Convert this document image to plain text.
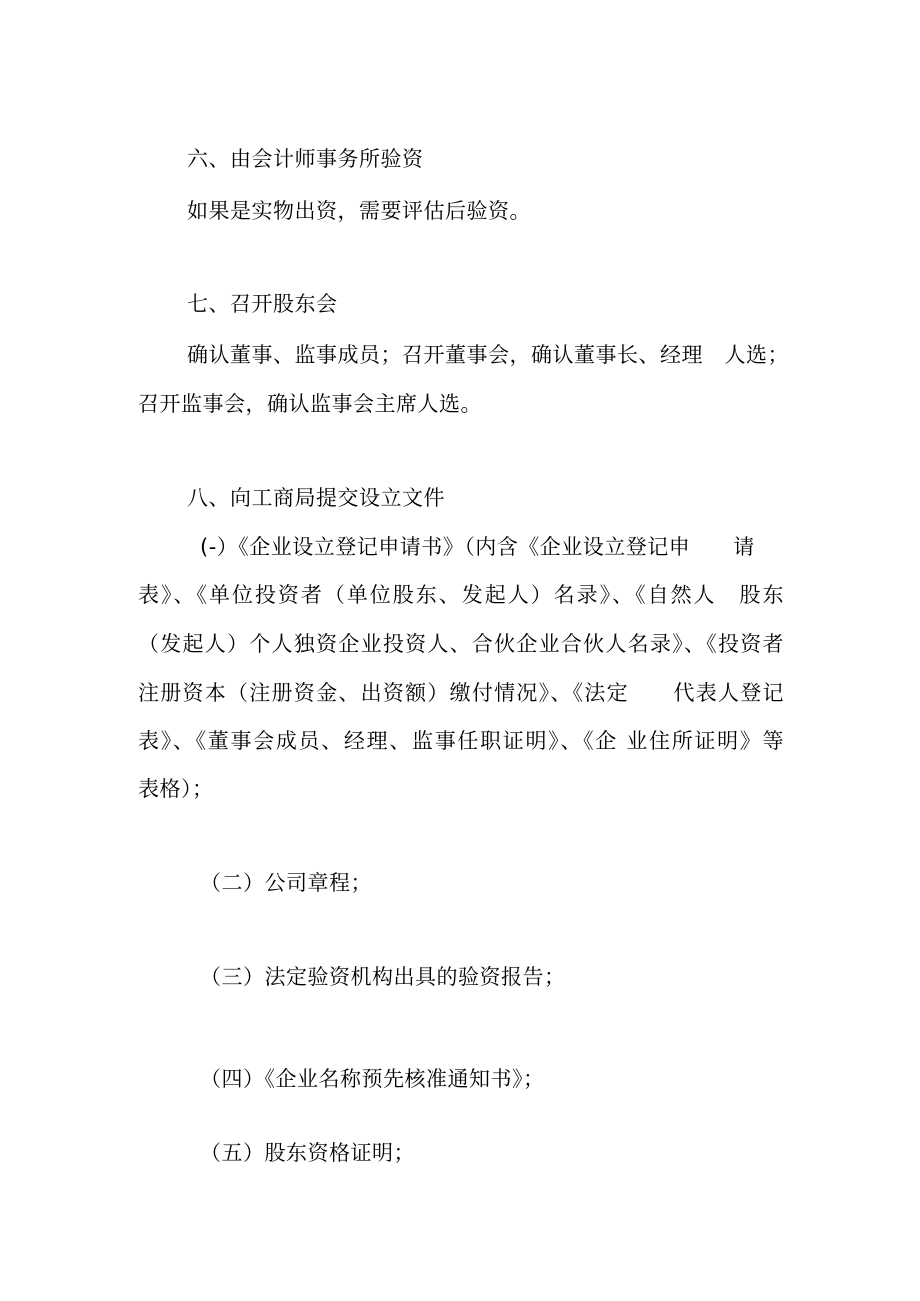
六、由会计师事务所验资
如果是实物出资，需要评估后验资。
七、召开股东会
确认董事、监事成员；召开董事会，确认董事长、经理　人选；
召开监事会，确认监事会主席人选。
八、向工商局提交设立文件
(-）《企业设立登记申请书》（内含《企业设立登记申　　请
表》、《单位投资者（单位股东、发起人）名录》、《自然人　股东
（发起人）个人独资企业投资人、合伙企业合伙人名录》、《投资者
注册资本（注册资金、出资额）缴付情况》、《法定　　代表人登记
表》、《董事会成员、经理、监事任职证明》、《企 业住所证明》等
表格）；
（二）公司章程；
（三）法定验资机构出具的验资报告；
（四）《企业名称预先核准通知书》；
（五）股东资格证明；
